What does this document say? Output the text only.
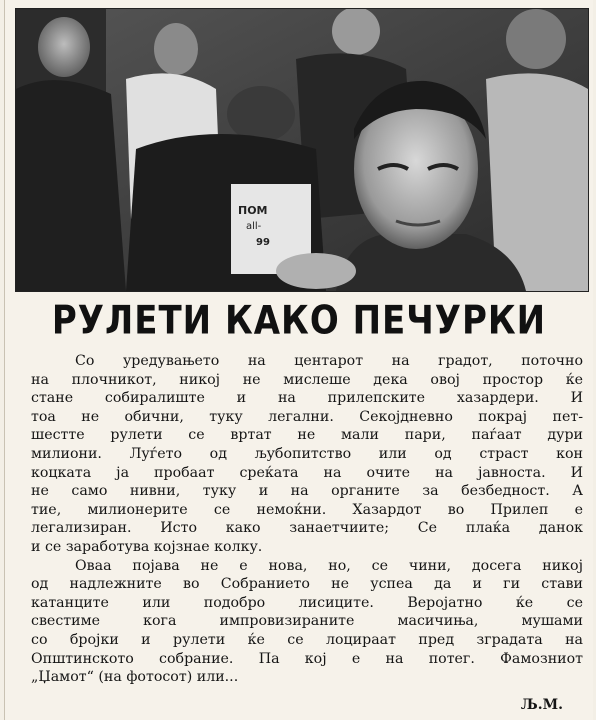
ПОМ
all-
99
РУЛЕТИ КАКО ПЕЧУРКИ
Со уредувањето на центарот на градот, поточно
на плочникот, никој не мислеше дека овој простор ќе
стане собиралиште и на прилепските хазардери. И
тоа не обични, туку легални. Секојдневно покрај пет-
шестте рулети се вртат не мали пари, паѓаат дури
милиони. Луѓето од љубопитство или од страст кон
коцката ја пробаат среќата на очите на јавноста. И
не само нивни, туку и на органите за безбедност. А
тие, милионерите се немоќни. Хазардот во Прилеп е
легализиран. Исто како занаетчиите; Се плаќа данок
и се заработува којзнае колку.
Оваа појава не е нова, но, се чини, досега никој
од надлежните во Собранието не успеа да и ги стави
катанците или подобро лисиците. Веројатно ќе се
свестиме кога импровизираните масичиња, мушами
со бројки и рулети ќе се лоцираат пред зградата на
Општинското собрание. Па кој е на потег. Фамозниот
„Џамот“ (на фотосот) или...
Љ.М.
